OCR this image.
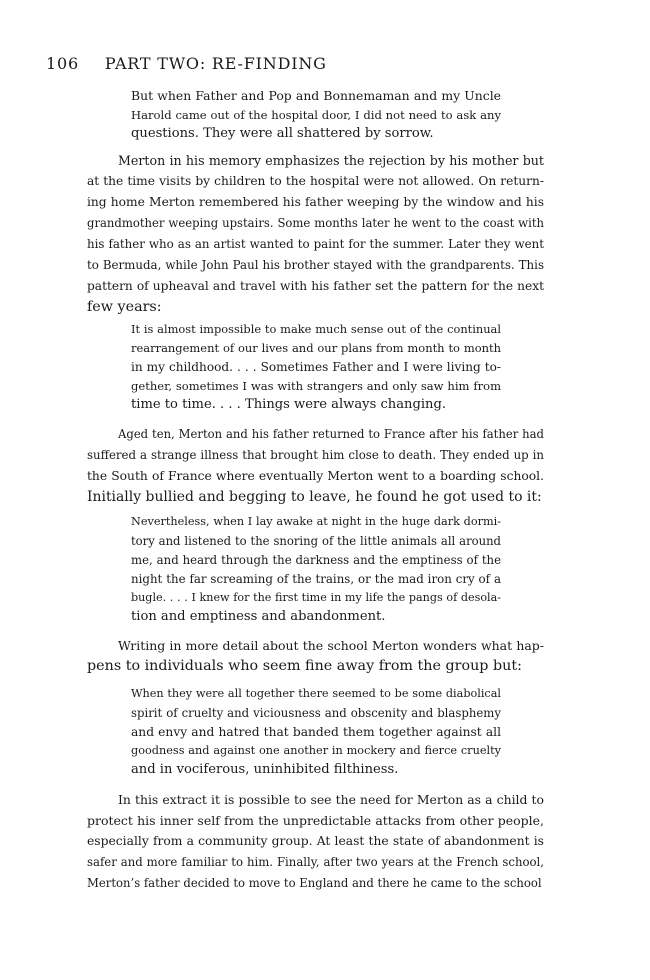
106 PART TWO: RE-FINDING
But when Father and Pop and Bonnemaman and my Uncle
Harold came out of the hospital door, I did not need to ask any
questions. They were all shattered by sorrow.
Merton in his memory emphasizes the rejection by his mother but
at the time visits by children to the hospital were not allowed. On return-
ing home Merton remembered his father weeping by the window and his
grandmother weeping upstairs. Some months later he went to the coast with
his father who as an artist wanted to paint for the summer. Later they went
to Bermuda, while John Paul his brother stayed with the grandparents. This
pattern of upheaval and travel with his father set the pattern for the next
few years:
It is almost impossible to make much sense out of the continual
rearrangement of our lives and our plans from month to month
in my childhood. . . . Sometimes Father and I were living to-
gether, sometimes I was with strangers and only saw him from
time to time. . . . Things were always changing.
Aged ten, Merton and his father returned to France after his father had
suffered a strange illness that brought him close to death. They ended up in
the South of France where eventually Merton went to a boarding school.
Initially bullied and begging to leave, he found he got used to it:
Nevertheless, when I lay awake at night in the huge dark dormi-
tory and listened to the snoring of the little animals all around
me, and heard through the darkness and the emptiness of the
night the far screaming of the trains, or the mad iron cry of a
bugle. . . . I knew for the first time in my life the pangs of desola-
tion and emptiness and abandonment.
Writing in more detail about the school Merton wonders what hap-
pens to individuals who seem fine away from the group but:
When they were all together there seemed to be some diabolical
spirit of cruelty and viciousness and obscenity and blasphemy
and envy and hatred that banded them together against all
goodness and against one another in mockery and fierce cruelty
and in vociferous, uninhibited filthiness.
In this extract it is possible to see the need for Merton as a child to
protect his inner self from the unpredictable attacks from other people,
especially from a community group. At least the state of abandonment is
safer and more familiar to him. Finally, after two years at the French school,
Merton’s father decided to move to England and there he came to the school
